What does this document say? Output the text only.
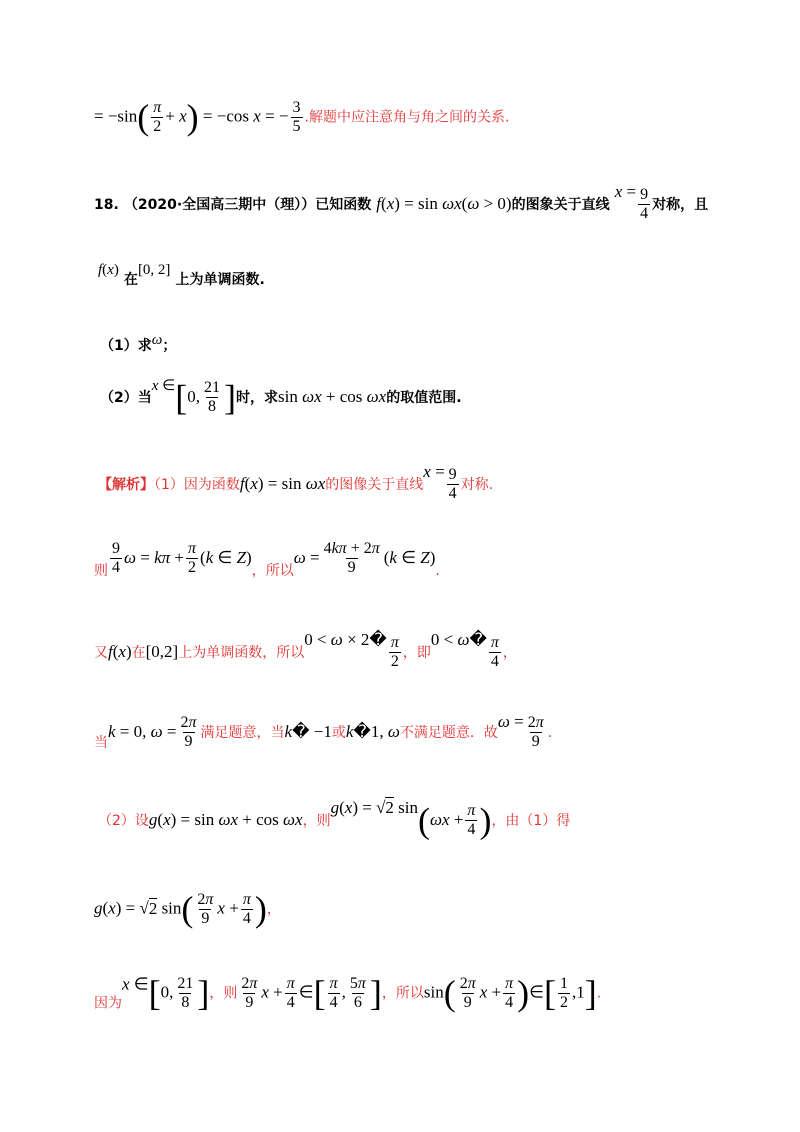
= $-\sin( \frac{\pi}{2} + x) = -\cos$ x = − $\frac{3}{5}$ .解题中应注意角与角之间的关系.
18. （2020·全国高三期中（理））已知函数 f(x) = sin ωx(ω > 0)的图象关于直线 $x = \frac{9}{4}$ 对称，且
f(x) 在[0, 2] 上为单调函数.
（1）求ω；
（2）当x ∈[0, $\frac{21}{8}$ ]时，求sin ωx + cos ωx的取值范围.
【解析】（1）因为函数f(x) = sin ωx的图像关于直线$x = \frac{9}{4}$ 对称.
则 $\frac{9}{4}$ $\omega = k\pi + \frac{\pi}{2} (k$ ∈ Z)，所以$\omega = \frac{4k\pi + 2\pi}{9} (k$ ∈ Z).
又f(x)在[0,2]上为单调函数，所以0 < ω × 2� $\frac{\pi}{2}$ ，即0 < ω� $\frac{\pi}{4}$ ，
当k = 0, $\omega = \frac{2\pi}{9}$ 满足题意，当k� −1或k�1, ω不满足题意．故$\omega = \frac{2\pi}{9}$ .
（2）设g(x) = sin ωx + cos ωx，则g(x) = √2 $\sin(\omega x + \frac{\pi}{4}$ )，由（1）得
g(x) = √2 $\sin( \frac{2\pi}{9}$ $x + \frac{\pi}{4}$ )，
因为x ∈[0, $\frac{21}{8}$ ]，则 $\frac{2\pi}{9}$ $x + \frac{\pi}{4}$ ∈[ $\frac{\pi}{4}$ , $\frac{5\pi}{6}$ ]，所以$\sin( \frac{2\pi}{9}$ $x + \frac{\pi}{4}$ )∈[ $\frac{1}{2} ,1$].
